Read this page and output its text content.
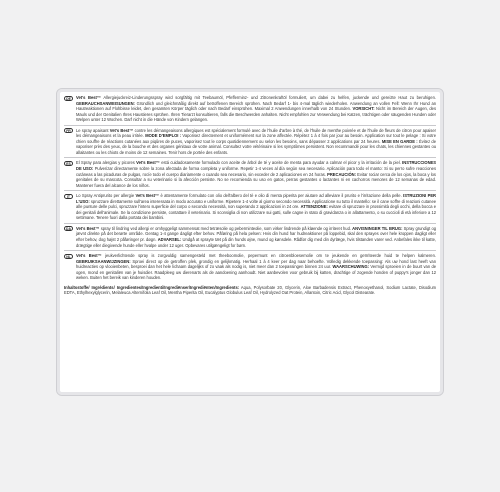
DE	Vet's Best™ Allergiejuckreiz-Linderungsspray wird sorgfältig mit Teebaumöl, Pfefferminz- und Zitronenkraftöl formuliert, um dabei zu helfen, juckende und gereizte Haut zu beruhigen. GEBRAUCHSANWEISUNGEN: Gründlich und gleichmäßig direkt auf betroffenen Bereich sprühen. Nach Bedarf 1- bis 4-mal täglich wiederholen. Anwendung an vollen Fell: Wenn Ihr Hund an Hautreaktionen auf Flohbisse leidet, den gesamten Körper täglich oder nach Bedarf einsprühen. Maximal 2 Anwendungen innerhalb von 24 Stunden. VORSICHT: Nicht im Bereich der Augen, des Mauls und der Genitalien Ihres Haustieres sprühen. Ihren Tierarzt konsultieren, falls die Beschwerden anhalten. Nicht empfohlen zur Verwendung bei Katzen, trächtigen oder säugenden Hunden oder Welpen unter 12 Wochen. Darf nicht in die Hände von Kindern gelangen.

FR	Le spray apaisant Vet's Best™ contre les démangeaisons allergiques est spécialement formulé avec de l'huile d'arbre à thé, de l'huile de menthe poivrée et de l'huile de fleurs de citron pour apaiser les démangeaisons et la peau irritée. MODE D'EMPLOI : Vaporisez directement et uniformément sur la zone affectée. Répétez 1 à 4 fois par jour au besoin. Application sur tout le pelage : Si votre chien souffre de réactions cutanées aux piqûres de puces, vaporisez tout le corps quotidiennement ou selon les besoins, sans dépasser 2 applications par 24 heures. MISE EN GARDE : Évitez de vaporiser près des yeux, de la bouche et des organes génitaux de votre animal. Consultez votre vétérinaire si les symptômes persistent. Non recommandé pour les chats, les chiennes gestantes ou allaitantes ou les chiots de moins de 12 semaines. Tenir hors de portée des enfants.

ES	El Spray para alergias y picores Vet's Best™ está cuidadosamente formulado con aceite de árbol de té y aceite de menta para ayudar a calmar el picor y la irritación de la piel. INSTRUCCIONES DE USO: Pulverizar directamente sobre la zona afectada de forma completa y uniforme. Repetir 1-4 veces al día según sea necesario. Aplicación para todo el manto: Si su perro sufre reacciones cutáneas a las picaduras de pulgas, rocíe todo el cuerpo diariamente o cuando sea necesario, sin exceder de 2 aplicaciones en 24 horas. PRECAUCIÓN: Evitar rociar cerca de los ojos, la boca y los genitales de su mascota. Consultar a su veterinario si la afección persiste. No se recomienda su uso en gatos, perras gestantes o lactantes ni en cachorros menores de 12 semanas de edad. Mantener fuera del alcance de los niños.

IT	Lo Spray Antiprurito per allergie Vet's Best™ è attentamente formulato con olio dell'albero del tè e olio di menta piperita per aiutare ad alleviare il prurito e l'irritazione della pelle. ISTRUZIONI PER L'USO: spruzzare direttamente sull'area interessata in modo accurato e uniforme. Ripetere 1-4 volte al giorno secondo necessità. Applicazione su tutto il mantello: se il cane soffre di reazioni cutanee alle punture delle pulci, spruzzare l'intero superficie del corpo o secondo necessità, non superando 2 applicazioni in 24 ore. ATTENZIONE: evitare di spruzzare in prossimità degli occhi, della bocca e dei genitali dell'animale. Se la condizione persiste, contattare il veterinario. Si sconsiglia di non utilizzare sui gatti, sulle cagne in stato di gravidanza o in allattamento, o su cuccioli di età inferiore a 12 settimane. Tenere fuori dalla portata dei bambini.

DA	Vet's Best™ spray til lindring ved allergi er omhyggeligt sammensat med tetræsolie og peberminteolie, som virker lindrende på kløende og irriteret hud. ANVISNINGER TIL BRUG: Spray grundigt og jævnt direkte på det berørte område. Gentag 1-4 gange dagligt efter behov. Påføring på hela pelsen: Hvis din hund har hudreaktioner på loppebid, skal den sprayes over hele kroppen dagligt eller efter behov, dog højst 2 påføringer pr. døgn. ADVARSEL: Undgå at sprayte tæt på din hunds øjne, mund og kønsdele. Rådfør dig med din dyrlæge, hvis tilstanden varer ved. Anbefales ikke til katte, drægtige eller diegivende hunde eller hvalpe under 12 uger. Opbevares utilgængeligt for børn.

NL	Vet's Best™ jeukverlichtende spray is zorgvuldig samengesteld met theeboomolie, pepermunt en citroenbloesemolie om te jeukende en geïrriteerde huid te helpen kalmeren. GEBRUIKSAANWIJZINGEN: Sproei direct op de getroffen plek, grondig en gelijkmatig. Herhaal 1 à 4 keer per dag naar behoefte. Volledig dekkende toepassing: Als uw hond last heeft van huidreacties op vlooienbeten, besproei dan het hele lichaam dagelijks of zo vaak als nodig is, niet meer dan 2 toepassingen binnen 24 uur. WAARSCHUWING: Vermijd sproeien in de buurt van de ogen, mond en genitaliën van je huisdier. Raadpleeg uw dierenarts als de aandoening aanhoudt. Niet aanbevolen voor gebruik bij katten, drachtige of zogende honden of puppy's jonger dan 12 weken. Buiten het bereik van kinderen houden.

Inhaltsstoffe/ Ingrédients/ Ingredientes/Ingredienti/Ingrediënser/Ingrediënten/Ingredients: Aqua, Polysorbate 20, Glycerin, Aloe Barbadensis Extract, Phenoxyethanol, Sodium Lactate, Disodium EDTA, Ethylhexylglycerin, Melaleuca Alternifolia Leaf Oil, Mentha Piperita Oil, Eucalyptus Globulus Leaf Oil, Hydrolyzed Oat Protein, Allantoin, Citric Acid, Glycol Distearate.
